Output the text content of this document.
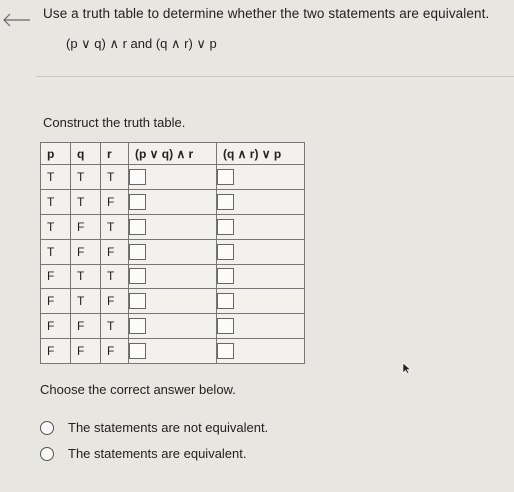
Use a truth table to determine whether the two statements are equivalent.
(p ∨ q) ∧ r and (q ∧ r) ∨ p
Construct the truth table.
p	q	r	(p ∨ q) ∧ r	(q ∧ r) ∨ p
T	T	T		
T	T	F		
T	F	T		
T	F	F		
F	T	T		
F	T	F		
F	F	T		
F	F	F		
Choose the correct answer below.
The statements are not equivalent.
The statements are equivalent.
